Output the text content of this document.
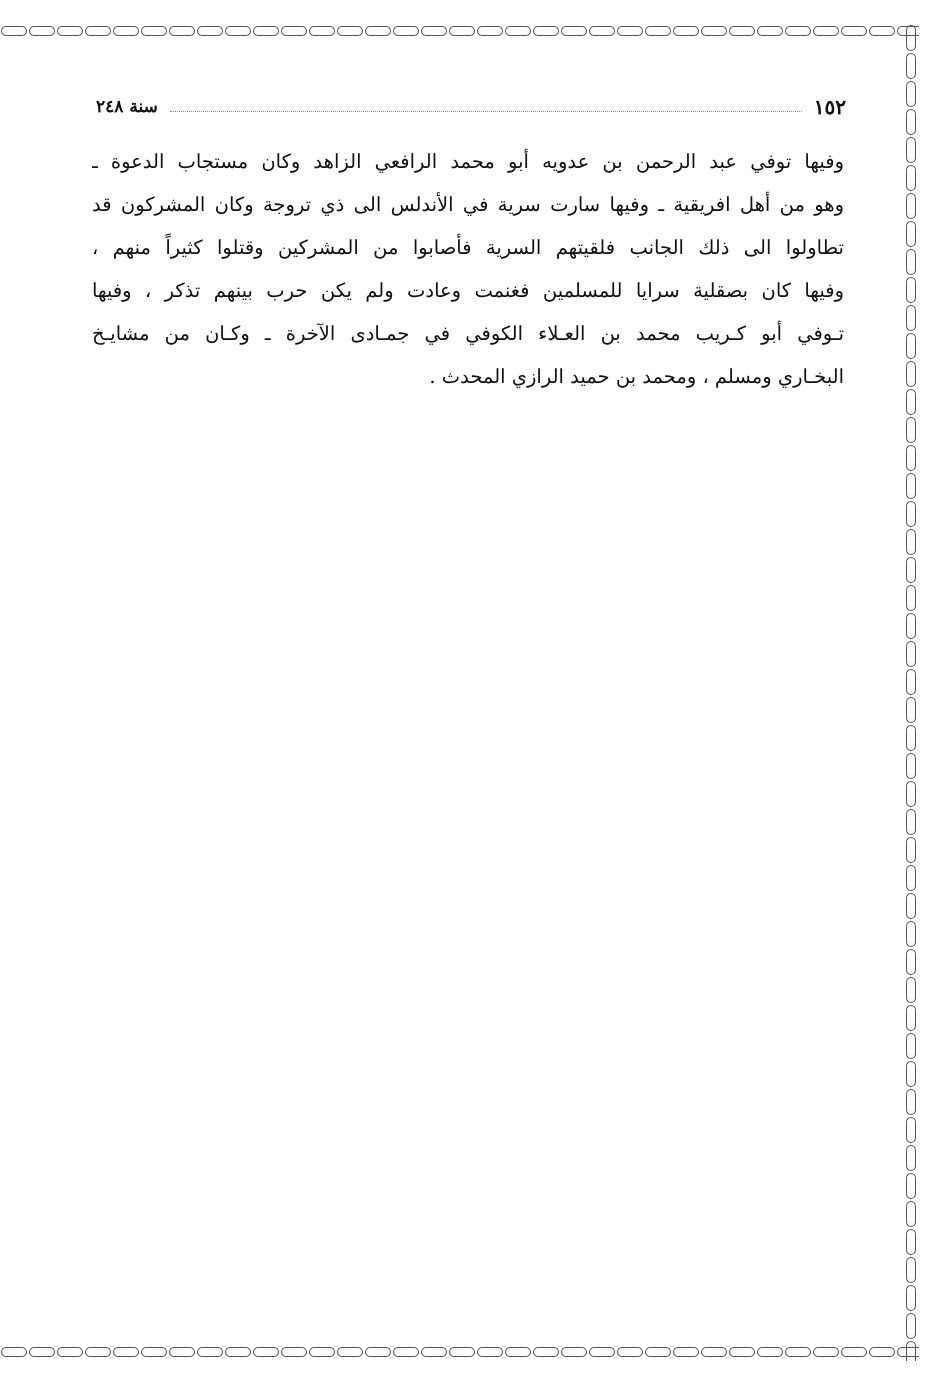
١٥٢
سنة ٢٤٨
وفيها توفي عبد الرحمن بن عدويه أبو محمد الرافعي الزاهد وكان مستجاب الدعوة ـ
وهو من أهل افريقية ـ وفيها سارت سرية في الأندلس الى ذي تروجة وكان المشركون قد
تطاولوا الى ذلك الجانب فلقيتهم السرية فأصابوا من المشركين وقتلوا كثيراً منهم ،
وفيها كان بصقلية سرايا للمسلمين فغنمت وعادت ولم يكن حرب بينهم تذكر ، وفيها
تـوفي أبو كـريب محمد بن العـلاء الكوفي في جمـادى الآخرة ـ وكـان من مشايـخ
البخـاري ومسلم ، ومحمد بن حميد الرازي المحدث .
